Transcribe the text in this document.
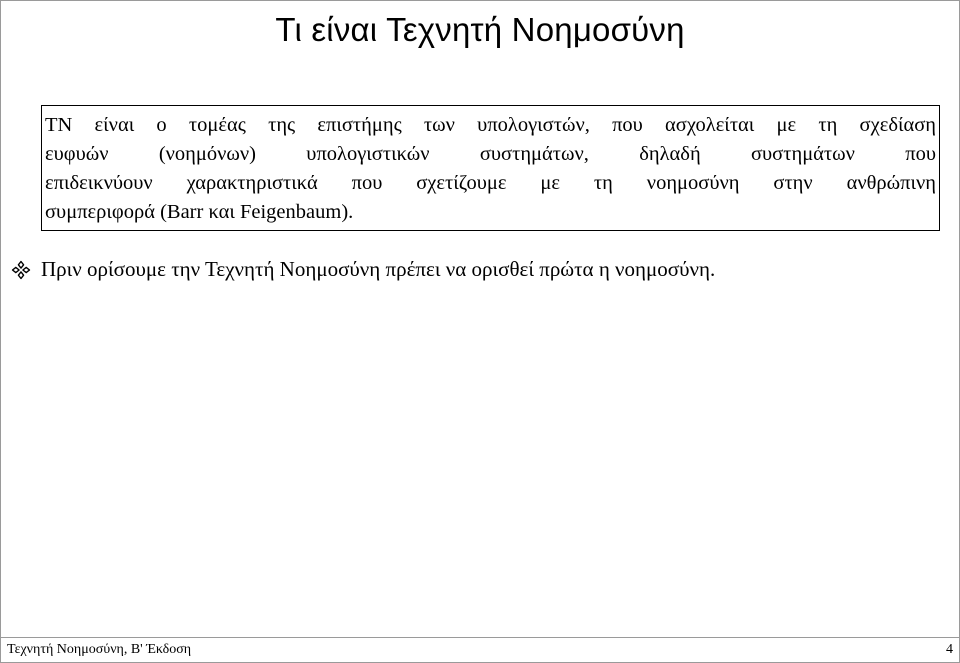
Τι είναι Τεχνητή Νοημοσύνη
ΤΝ είναι ο τομέας της επιστήμης των υπολογιστών, που ασχολείται με τη σχεδίαση
ευφυών (νοημόνων) υπολογιστικών συστημάτων, δηλαδή συστημάτων που
επιδεικνύουν χαρακτηριστικά που σχετίζουμε με τη νοημοσύνη στην ανθρώπινη
συμπεριφορά (Barr και Feigenbaum).
Πριν ορίσουμε την Τεχνητή Νοημοσύνη πρέπει να ορισθεί πρώτα η νοημοσύνη.
Τεχνητή Νοημοσύνη, Β' Έκδοση	4
